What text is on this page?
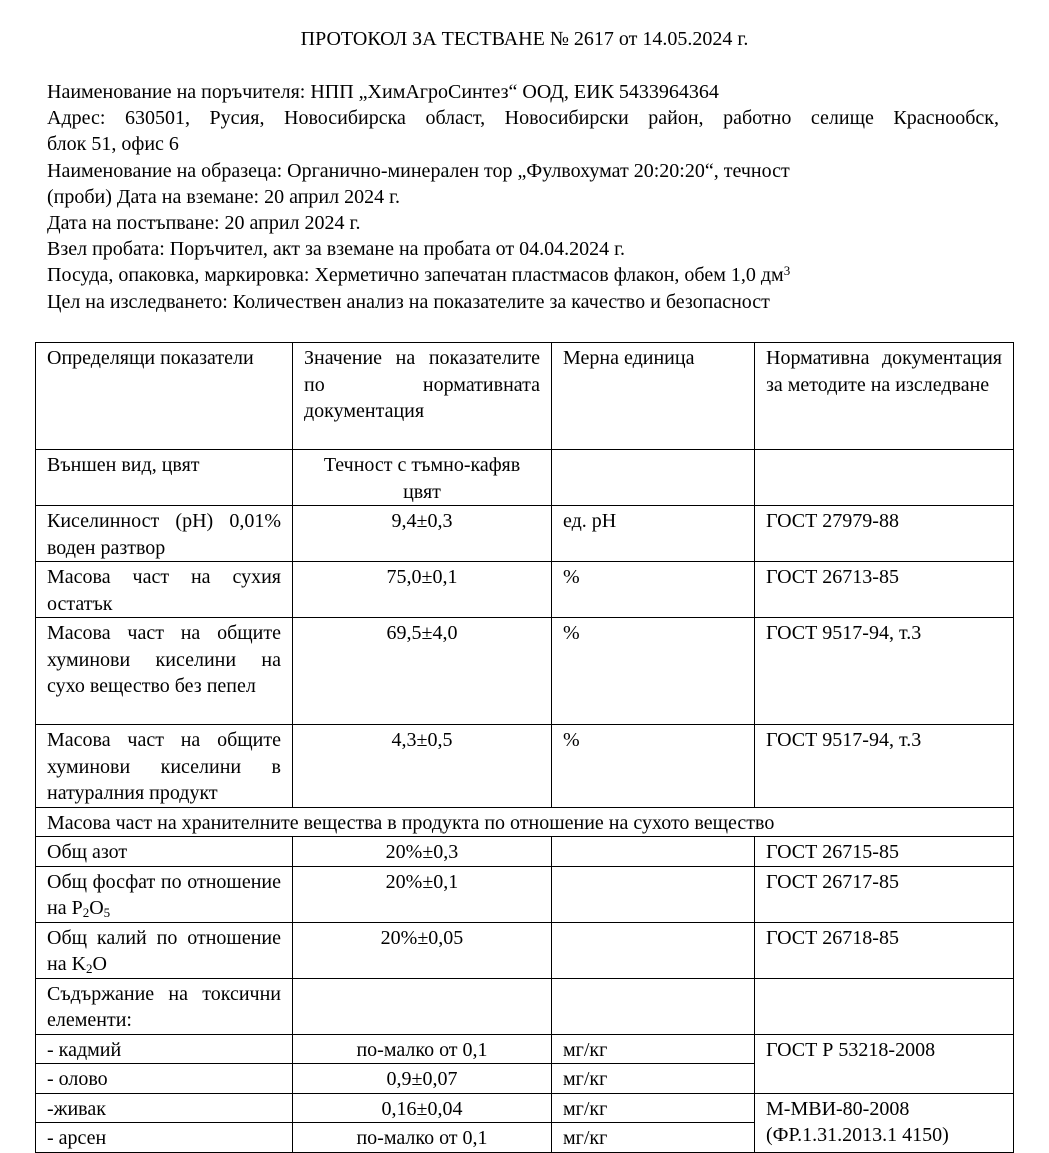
ПРОТОКОЛ ЗА ТЕСТВАНЕ № 2617 от 14.05.2024 г.
Наименование на поръчителя: НПП „ХимАгроСинтез“ ООД, ЕИК 5433964364
Адрес: 630501, Русия, Новосибирска област, Новосибирски район, работно селище Краснообск,
блок 51, офис 6
Наименование на образеца: Органично-минерален тор „Фулвохумат 20:20:20“, течност
(проби) Дата на вземане: 20 април 2024 г.
Дата на постъпване: 20 април 2024 г.
Взел пробата: Поръчител, акт за вземане на пробата от 04.04.2024 г.
Посуда, опаковка, маркировка: Херметично запечатан пластмасов флакон, обем 1,0 $дм^3$
Цел на изследването: Количествен анализ на показателите за качество и безопасност
Определящи показатели	Значение на показателите по нормативната документация	Мерна единица	Нормативна документация за методите на изследване
Външен вид, цвят	Течност с тъмно-кафяв цвят		
Киселинност (pH) 0,01% воден разтвор	9,4±0,3	ед. pH	ГОСТ 27979-88
Масова част на сухия остатък	75,0±0,1	%	ГОСТ 26713-85
Масова част на общите хуминови киселини на сухо вещество без пепел	69,5±4,0	%	ГОСТ 9517-94, т.3
Масова част на общите хуминови киселини в натуралния продукт	4,3±0,5	%	ГОСТ 9517-94, т.3
Масова част на хранителните вещества в продукта по отношение на сухото вещество			
Общ азот	20%±0,3		ГОСТ 26715-85
Общ фосфат по отношение на $P_2O_5$	20%±0,1		ГОСТ 26717-85
Общ калий по отношение на $K_2O$	20%±0,05		ГОСТ 26718-85
Съдържание на токсични елементи:			
- кадмий	по-малко от 0,1	мг/кг	ГОСТ Р 53218-2008
- олово	0,9±0,07	мг/кг	
-живак	0,16±0,04	мг/кг	М-МВИ-80-2008 (ФР.1.31.2013.1 4150)
- арсен	по-малко от 0,1	мг/кг	
